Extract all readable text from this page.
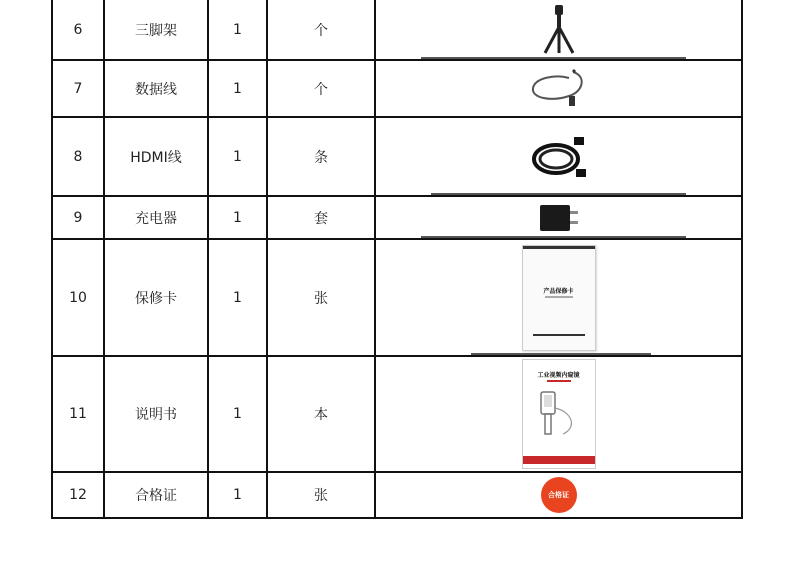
6	三脚架	1	个	

7	数据线	1	个	

8	HDMI线	1	条	

9	充电器	1	套	

10	保修卡	1	张	产品保修卡

11	说明书	1	本	工业视频内窥镜

12	合格证	1	张	合格证
